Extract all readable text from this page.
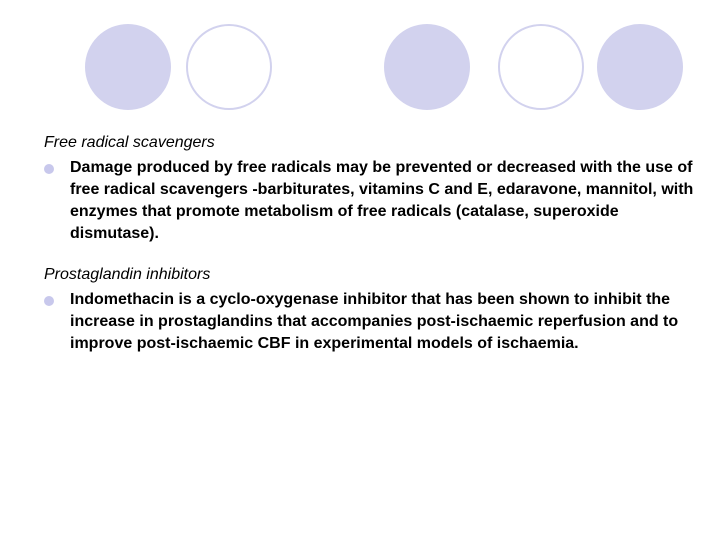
Free radical scavengers

Damage produced by free radicals may be prevented or decreased with the use of free radical scavengers -barbiturates, vitamins C and E, edaravone, mannitol, with enzymes that promote metabolism of free radicals (catalase, superoxide dismutase).

Prostaglandin inhibitors

Indomethacin is a cyclo-oxygenase inhibitor that has been shown to inhibit the increase in prostaglandins that accompanies post-ischaemic reperfusion and to improve post-ischaemic CBF in experimental models of ischaemia.
